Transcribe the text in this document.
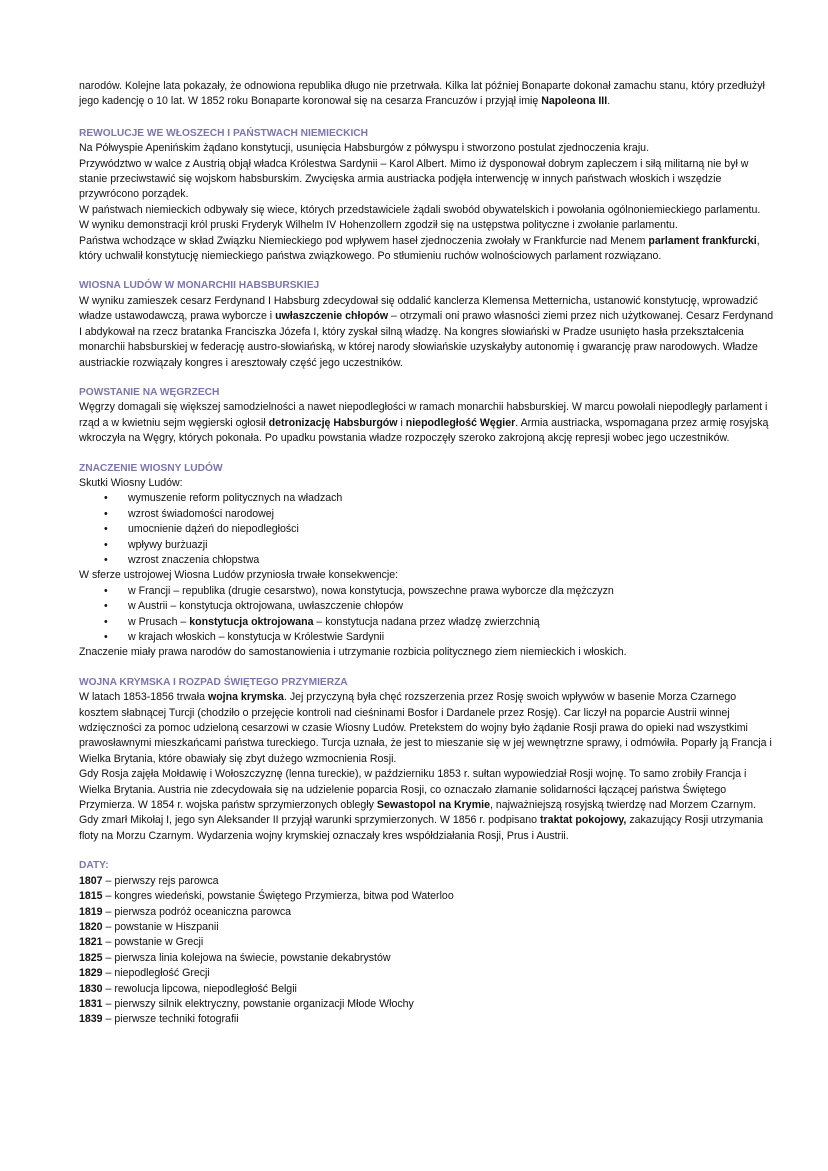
narodów. Kolejne lata pokazały, że odnowiona republika długo nie przetrwała. Kilka lat później Bonaparte dokonał zamachu stanu, który przedłużył jego kadencję o 10 lat. W 1852 roku Bonaparte koronował się na cesarza Francuzów i przyjął imię Napoleona III.

REWOLUCJE WE WŁOSZECH I PAŃSTWACH NIEMIECKICH

Na Półwyspie Apenińskim żądano konstytucji, usunięcia Habsburgów z półwyspu i stworzono postulat zjednoczenia kraju.

Przywództwo w walce z Austrią objął władca Królestwa Sardynii – Karol Albert. Mimo iż dysponował dobrym zapleczem i siłą militarną nie był w stanie przeciwstawić się wojskom habsburskim. Zwycięska armia austriacka podjęła interwencję w innych państwach włoskich i wszędzie przywrócono porządek.

W państwach niemieckich odbywały się wiece, których przedstawiciele żądali swobód obywatelskich i powołania ogólnoniemieckiego parlamentu.

W wyniku demonstracji król pruski Fryderyk Wilhelm IV Hohenzollern zgodził się na ustępstwa polityczne i zwołanie parlamentu.

Państwa wchodzące w skład Związku Niemieckiego pod wpływem haseł zjednoczenia zwołały w Frankfurcie nad Menem parlament frankfurcki, który uchwalił konstytucję niemieckiego państwa związkowego. Po stłumieniu ruchów wolnościowych parlament rozwiązano.

WIOSNA LUDÓW W MONARCHII HABSBURSKIEJ

W wyniku zamieszek cesarz Ferdynand I Habsburg zdecydował się oddalić kanclerza Klemensa Metternicha, ustanowić konstytucję, wprowadzić władze ustawodawczą, prawa wyborcze i uwłaszczenie chłopów – otrzymali oni prawo własności ziemi przez nich użytkowanej. Cesarz Ferdynand I abdykował na rzecz bratanka Franciszka Józefa I, który zyskał silną władzę. Na kongres słowiański w Pradze usunięto hasła przekształcenia monarchii habsburskiej w federację austro-słowiańską, w której narody słowiańskie uzyskałyby autonomię i gwarancję praw narodowych. Władze austriackie rozwiązały kongres i aresztowały część jego uczestników.

POWSTANIE NA WĘGRZECH

Węgrzy domagali się większej samodzielności a nawet niepodległości w ramach monarchii habsburskiej. W marcu powołali niepodległy parlament i rząd a w kwietniu sejm węgierski ogłosił detronizację Habsburgów i niepodległość Węgier. Armia austriacka, wspomagana przez armię rosyjską wkroczyła na Węgry, których pokonała. Po upadku powstania władze rozpoczęły szeroko zakrojoną akcję represji wobec jego uczestników.

ZNACZENIE WIOSNY LUDÓW

Skutki Wiosny Ludów:

• wymuszenie reform politycznych na władzach
• wzrost świadomości narodowej
• umocnienie dążeń do niepodległości
• wpływy burżuazji
• wzrost znaczenia chłopstwa

W sferze ustrojowej Wiosna Ludów przyniosła trwałe konsekwencje:

• w Francji – republika (drugie cesarstwo), nowa konstytucja, powszechne prawa wyborcze dla mężczyzn
• w Austrii – konstytucja oktrojowana, uwłaszczenie chłopów
• w Prusach – konstytucja oktrojowana – konstytucja nadana przez władzę zwierzchnią
• w krajach włoskich – konstytucja w Królestwie Sardynii

Znaczenie miały prawa narodów do samostanowienia i utrzymanie rozbicia politycznego ziem niemieckich i włoskich.

WOJNA KRYMSKA I ROZPAD ŚWIĘTEGO PRZYMIERZA

W latach 1853-1856 trwała wojna krymska. Jej przyczyną była chęć rozszerzenia przez Rosję swoich wpływów w basenie Morza Czarnego kosztem słabnącej Turcji (chodziło o przejęcie kontroli nad cieśninami Bosfor i Dardanele przez Rosję). Car liczył na poparcie Austrii winnej wdzięczności za pomoc udzieloną cesarzowi w czasie Wiosny Ludów. Pretekstem do wojny było żądanie Rosji prawa do opieki nad wszystkimi prawosławnymi mieszkańcami państwa tureckiego. Turcja uznała, że jest to mieszanie się w jej wewnętrzne sprawy, i odmówiła. Poparły ją Francja i Wielka Brytania, które obawiały się zbyt dużego wzmocnienia Rosji.

Gdy Rosja zajęła Mołdawię i Wołoszczyznę (lenna tureckie), w październiku 1853 r. sułtan wypowiedział Rosji wojnę. To samo zrobiły Francja i Wielka Brytania. Austria nie zdecydowała się na udzielenie poparcia Rosji, co oznaczało złamanie solidarności łączącej państwa Świętego Przymierza. W 1854 r. wojska państw sprzymierzonych obległy Sewastopol na Krymie, najważniejszą rosyjską twierdzę nad Morzem Czarnym. Gdy zmarł Mikołaj I, jego syn Aleksander II przyjął warunki sprzymierzonych. W 1856 r. podpisano traktat pokojowy, zakazujący Rosji utrzymania floty na Morzu Czarnym. Wydarzenia wojny krymskiej oznaczały kres współdziałania Rosji, Prus i Austrii.

DATY:

1807 – pierwszy rejs parowca

1815 – kongres wiedeński, powstanie Świętego Przymierza, bitwa pod Waterloo

1819 – pierwsza podróż oceaniczna parowca

1820 – powstanie w Hiszpanii

1821 – powstanie w Grecji

1825 – pierwsza linia kolejowa na świecie, powstanie dekabrystów

1829 – niepodległość Grecji

1830 – rewolucja lipcowa, niepodległość Belgii

1831 – pierwszy silnik elektryczny, powstanie organizacji Młode Włochy

1839 – pierwsze techniki fotografii
